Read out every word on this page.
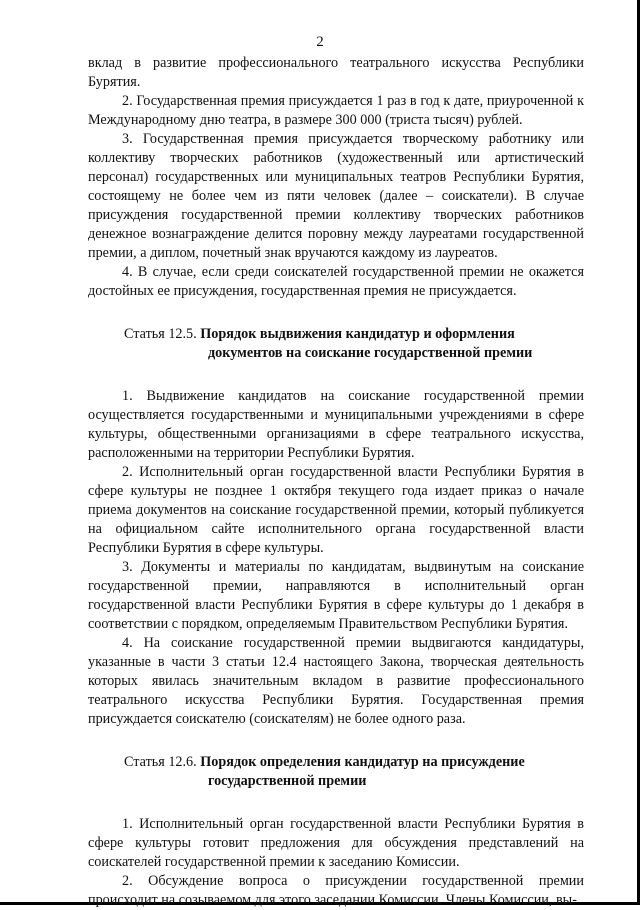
2

вклад в развитие профессионального театрального искусства Республики Бурятия.

2. Государственная премия присуждается 1 раз в год к дате, приуроченной к Международному дню театра, в размере 300 000 (триста тысяч) рублей.

3. Государственная премия присуждается творческому работнику или коллективу творческих работников (художественный или артистический персонал) государственных или муниципальных театров Республики Бурятия, состоящему не более чем из пяти человек (далее – соискатели). В случае присуждения государственной премии коллективу творческих работников денежное вознаграждение делится поровну между лауреатами государственной премии, а диплом, почетный знак вручаются каждому из лауреатов.

4. В случае, если среди соискателей государственной премии не окажется достойных ее присуждения, государственная премия не присуждается.

Статья 12.5. Порядок выдвижения кандидатур и оформления
документов на соискание государственной премии

1. Выдвижение кандидатов на соискание государственной премии осуществляется государственными и муниципальными учреждениями в сфере культуры, общественными организациями в сфере театрального искусства, расположенными на территории Республики Бурятия.

2. Исполнительный орган государственной власти Республики Бурятия в сфере культуры не позднее 1 октября текущего года издает приказ о начале приема документов на соискание государственной премии, который публикуется на официальном сайте исполнительного органа государственной власти Республики Бурятия в сфере культуры.

3. Документы и материалы по кандидатам, выдвинутым на соискание государственной премии, направляются в исполнительный орган государственной власти Республики Бурятия в сфере культуры до 1 декабря в соответствии с порядком, определяемым Правительством Республики Бурятия.

4. На соискание государственной премии выдвигаются кандидатуры, указанные в части 3 статьи 12.4 настоящего Закона, творческая деятельность которых явилась значительным вкладом в развитие профессионального театрального искусства Республики Бурятия. Государственная премия присуждается соискателю (соискателям) не более одного раза.

Статья 12.6. Порядок определения кандидатур на присуждение
государственной премии

1. Исполнительный орган государственной власти Республики Бурятия в сфере культуры готовит предложения для обсуждения представлений на соискателей государственной премии к заседанию Комиссии.

2. Обсуждение вопроса о присуждении государственной премии происходит на созываемом для этого заседании Комиссии. Члены Комиссии, вы-
